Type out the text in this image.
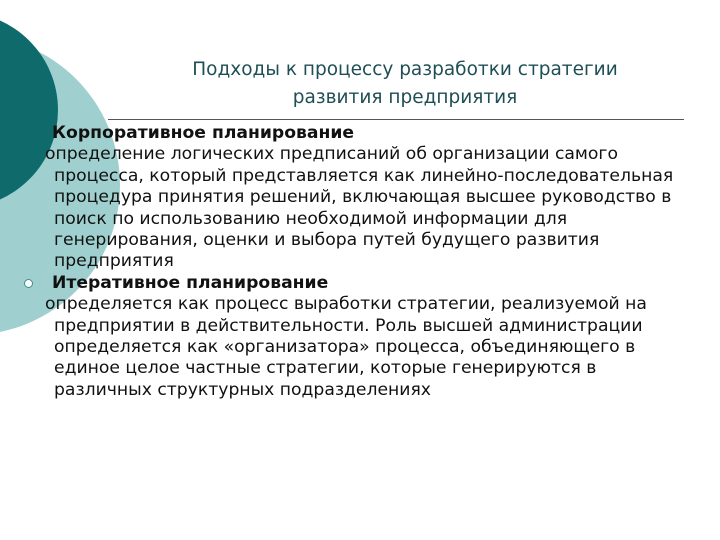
Подходы к процессу разработки стратегии
развития предприятия
Корпоративное планирование
определение логических предписаний об организации самого процесса, который представляется как линейно-последовательная процедура принятия решений, включающая высшее руководство в поиск по использованию необходимой информации для генерирования, оценки и выбора путей будущего развития предприятия
Итеративное планирование
определяется как процесс выработки стратегии, реализуемой на предприятии в действительности. Роль высшей администрации определяется как «организатора» процесса, объединяющего в единое целое частные стратегии, которые генерируются в различных структурных подразделениях
